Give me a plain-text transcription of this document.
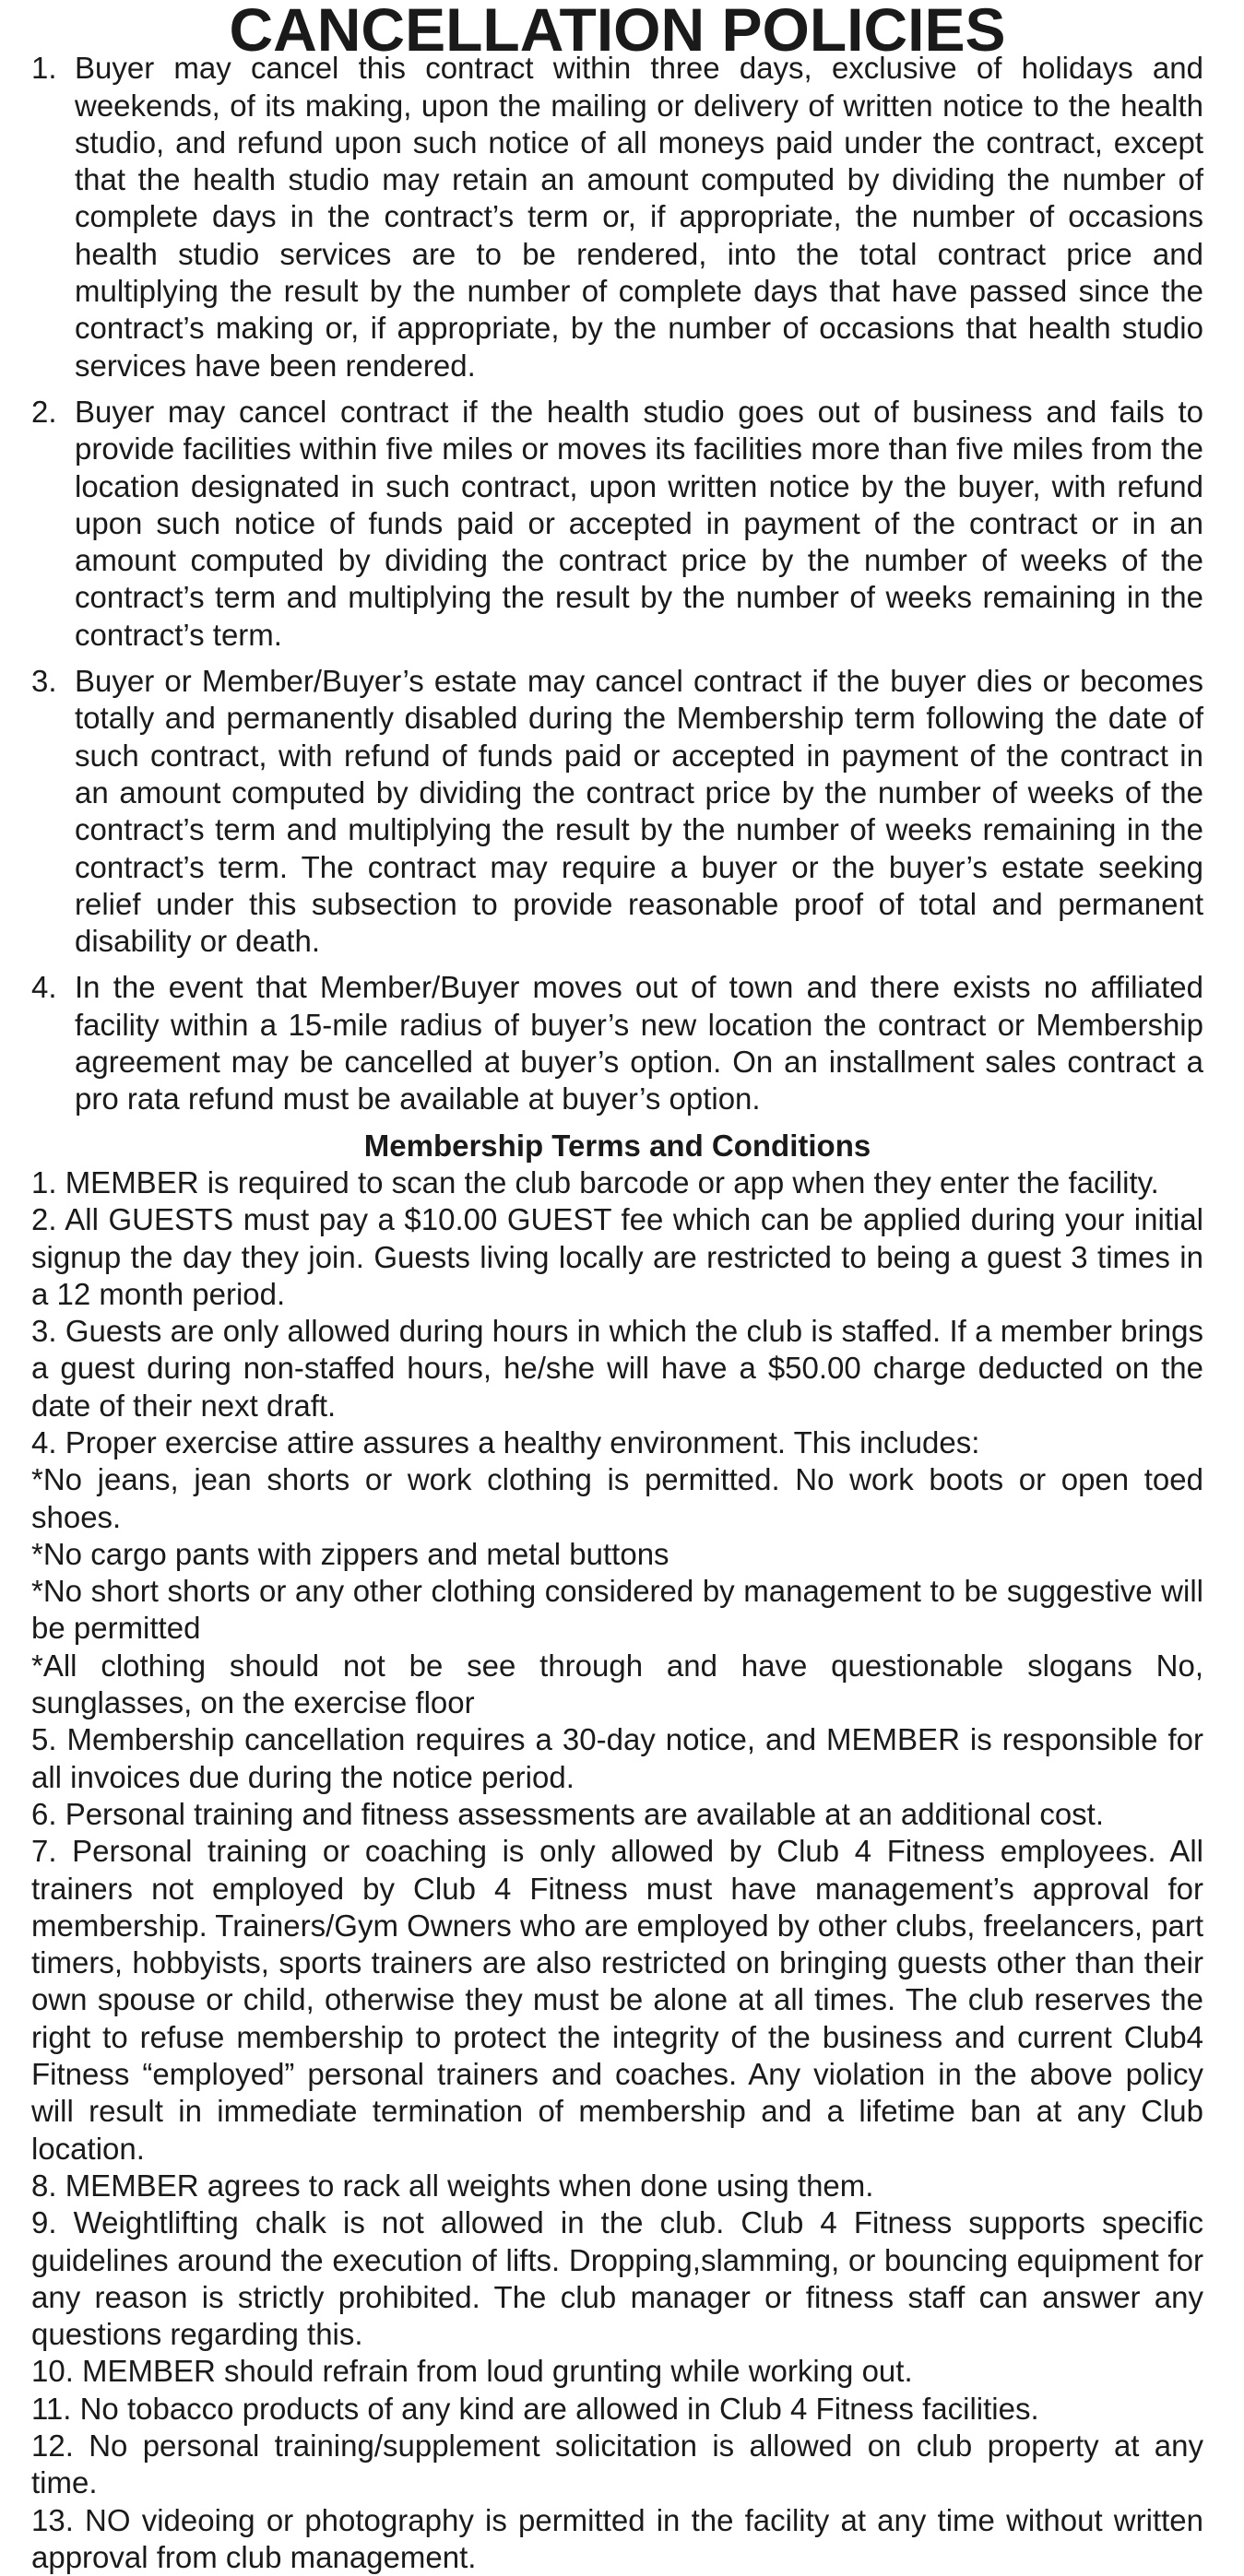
CANCELLATION POLICIES
1. Buyer may cancel this contract within three days, exclusive of holidays and weekends, of its making, upon the mailing or delivery of written notice to the health studio, and refund upon such notice of all moneys paid under the contract, except that the health studio may retain an amount computed by dividing the number of complete days in the contract’s term or, if appropriate, the number of occasions health studio services are to be rendered, into the total contract price and multiplying the result by the number of complete days that have passed since the contract’s making or, if appropriate, by the number of occasions that health studio services have been rendered.
2. Buyer may cancel contract if the health studio goes out of business and fails to provide facilities within five miles or moves its facilities more than five miles from the location designated in such contract, upon written notice by the buyer, with refund upon such notice of funds paid or accepted in payment of the contract or in an amount computed by dividing the contract price by the number of weeks of the contract’s term and multiplying the result by the number of weeks remaining in the contract’s term.
3. Buyer or Member/Buyer’s estate may cancel contract if the buyer dies or becomes totally and permanently disabled during the Membership term following the date of such contract, with refund of funds paid or accepted in payment of the contract in an amount computed by dividing the contract price by the number of weeks of the contract’s term and multiplying the result by the number of weeks remaining in the contract’s term. The contract may require a buyer or the buyer’s estate seeking relief under this subsection to provide reasonable proof of total and permanent disability or death.
4. In the event that Member/Buyer moves out of town and there exists no affiliated facility within a 15-mile radius of buyer’s new location the contract or Membership agreement may be cancelled at buyer’s option. On an installment sales contract a pro rata refund must be available at buyer’s option.
Membership Terms and Conditions

1. MEMBER is required to scan the club barcode or app when they enter the facility.

2. All GUESTS must pay a $10.00 GUEST fee which can be applied during your initial signup the day they join. Guests living locally are restricted to being a guest 3 times in a 12 month period.

3. Guests are only allowed during hours in which the club is staffed. If a member brings a guest during non-staffed hours, he/she will have a $50.00 charge deducted on the date of their next draft.

4. Proper exercise attire assures a healthy environment. This includes:

*No jeans, jean shorts or work clothing is permitted. No work boots or open toed shoes.

*No cargo pants with zippers and metal buttons

*No short shorts or any other clothing considered by management to be suggestive will be permitted

*All clothing should not be see through and have questionable slogans No, sunglasses, on the exercise floor

5. Membership cancellation requires a 30-day notice, and MEMBER is responsible for all invoices due during the notice period.

6. Personal training and fitness assessments are available at an additional cost.

7. Personal training or coaching is only allowed by Club 4 Fitness employees. All trainers not employed by Club 4 Fitness must have management’s approval for membership. Trainers/Gym Owners who are employed by other clubs, freelancers, part timers, hobbyists, sports trainers are also restricted on bringing guests other than their own spouse or child, otherwise they must be alone at all times. The club reserves the right to refuse membership to protect the integrity of the business and current Club4 Fitness “employed” personal trainers and coaches. Any violation in the above policy will result in immediate termination of membership and a lifetime ban at any Club location.

8. MEMBER agrees to rack all weights when done using them.

9. Weightlifting chalk is not allowed in the club. Club 4 Fitness supports specific guidelines around the execution of lifts. Dropping,slamming, or bouncing equipment for any reason is strictly prohibited. The club manager or fitness staff can answer any questions regarding this.

10. MEMBER should refrain from loud grunting while working out.

11. No tobacco products of any kind are allowed in Club 4 Fitness facilities.

12. No personal training/supplement solicitation is allowed on club property at any time.

13. NO videoing or photography is permitted in the facility at any time without written approval from club management.
